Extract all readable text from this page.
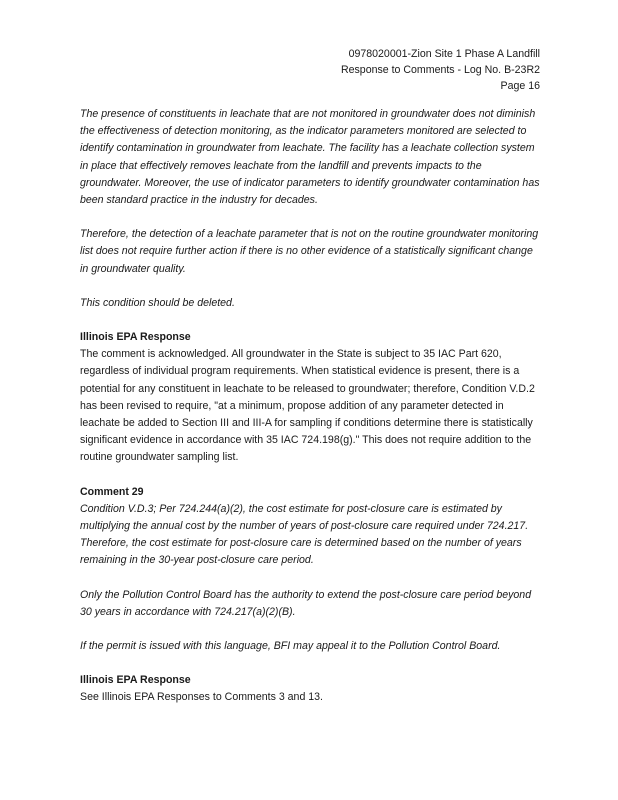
0978020001-Zion Site 1 Phase A Landfill
Response to Comments - Log No. B-23R2
Page 16

The presence of constituents in leachate that are not monitored in groundwater does not diminish the effectiveness of detection monitoring, as the indicator parameters monitored are selected to identify contamination in groundwater from leachate. The facility has a leachate collection system in place that effectively removes leachate from the landfill and prevents impacts to the groundwater. Moreover, the use of indicator parameters to identify groundwater contamination has been standard practice in the industry for decades.

Therefore, the detection of a leachate parameter that is not on the routine groundwater monitoring list does not require further action if there is no other evidence of a statistically significant change in groundwater quality.

This condition should be deleted.

Illinois EPA Response
The comment is acknowledged. All groundwater in the State is subject to 35 IAC Part 620, regardless of individual program requirements. When statistical evidence is present, there is a potential for any constituent in leachate to be released to groundwater; therefore, Condition V.D.2 has been revised to require, "at a minimum, propose addition of any parameter detected in leachate be added to Section III and III-A for sampling if conditions determine there is statistically significant evidence in accordance with 35 IAC 724.198(g)." This does not require addition to the routine groundwater sampling list.
Comment 29
Condition V.D.3; Per 724.244(a)(2), the cost estimate for post-closure care is estimated by multiplying the annual cost by the number of years of post-closure care required under 724.217. Therefore, the cost estimate for post-closure care is determined based on the number of years remaining in the 30-year post-closure care period.

Only the Pollution Control Board has the authority to extend the post-closure care period beyond 30 years in accordance with 724.217(a)(2)(B).

If the permit is issued with this language, BFI may appeal it to the Pollution Control Board.

Illinois EPA Response
See Illinois EPA Responses to Comments 3 and 13.
